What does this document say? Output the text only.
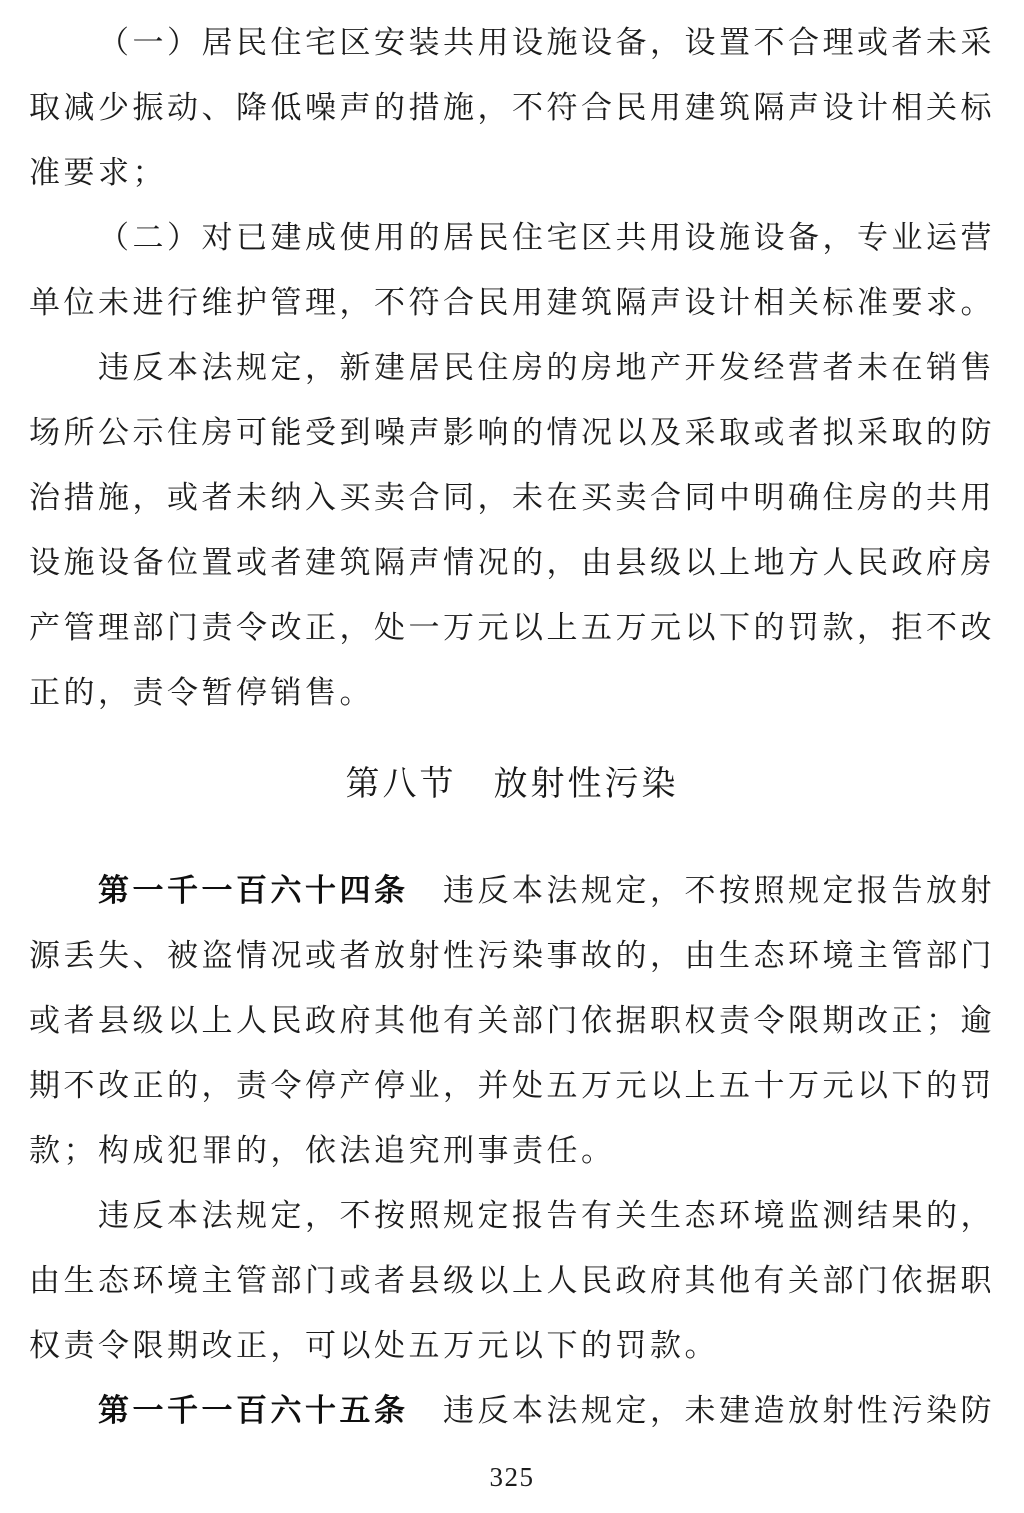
（一）居民住宅区安装共用设施设备，设置不合理或者未采

取减少振动、降低噪声的措施，不符合民用建筑隔声设计相关标

准要求；

（二）对已建成使用的居民住宅区共用设施设备，专业运营

单位未进行维护管理，不符合民用建筑隔声设计相关标准要求。

违反本法规定，新建居民住房的房地产开发经营者未在销售

场所公示住房可能受到噪声影响的情况以及采取或者拟采取的防

治措施，或者未纳入买卖合同，未在买卖合同中明确住房的共用

设施设备位置或者建筑隔声情况的，由县级以上地方人民政府房

产管理部门责令改正，处一万元以上五万元以下的罚款，拒不改

正的，责令暂停销售。

第八节　放射性污染

第一千一百六十四条　违反本法规定，不按照规定报告放射

源丢失、被盗情况或者放射性污染事故的，由生态环境主管部门

或者县级以上人民政府其他有关部门依据职权责令限期改正；逾

期不改正的，责令停产停业，并处五万元以上五十万元以下的罚

款；构成犯罪的，依法追究刑事责任。

违反本法规定，不按照规定报告有关生态环境监测结果的，

由生态环境主管部门或者县级以上人民政府其他有关部门依据职

权责令限期改正，可以处五万元以下的罚款。

第一千一百六十五条　违反本法规定，未建造放射性污染防

325
